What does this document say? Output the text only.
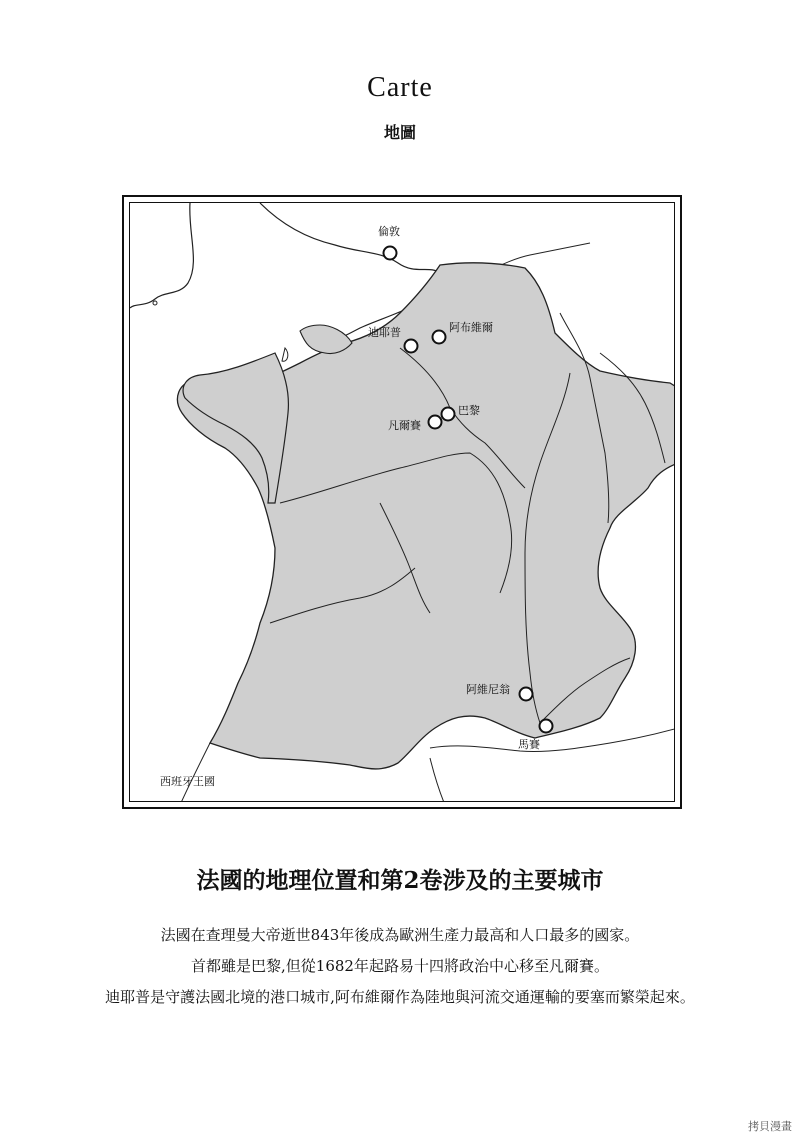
Carte
地圖
倫敦
迪耶普	阿布維爾
巴黎
凡爾賽
阿維尼翁
馬賽
西班牙王國
法國的地理位置和第2卷涉及的主要城市
法國在查理曼大帝逝世843年後成為歐洲生產力最高和人口最多的國家。
首都雖是巴黎,但從1682年起路易十四將政治中心移至凡爾賽。
迪耶普是守護法國北境的港口城市,阿布維爾作為陸地與河流交通運輸的要塞而繁榮起來。
拷貝漫畫
